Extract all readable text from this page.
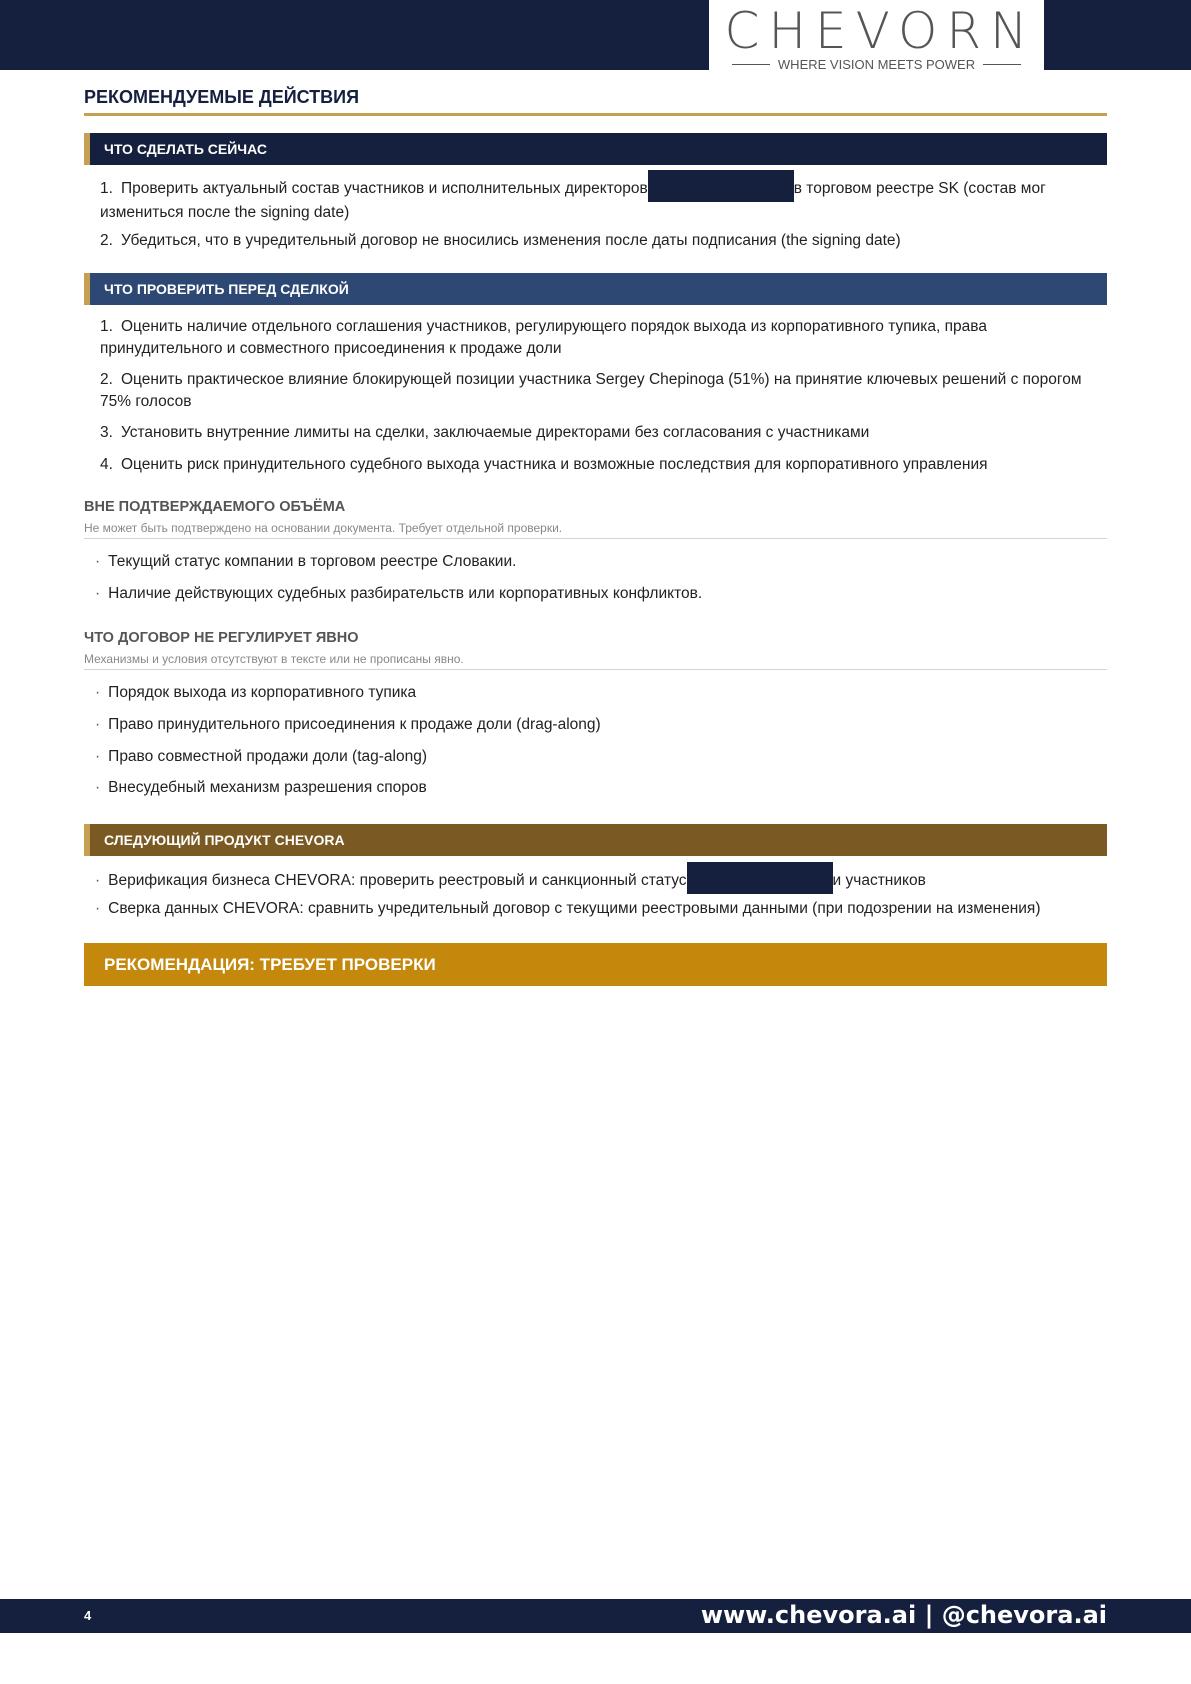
CHEVORN
WHERE VISION MEETS POWER
РЕКОМЕНДУЕМЫЕ ДЕЙСТВИЯ
ЧТО СДЕЛАТЬ СЕЙЧАС
1. Проверить актуальный состав участников и исполнительных директоров	в торговом реестре SK (состав мог измениться после the signing date)
2. Убедиться, что в учредительный договор не вносились изменения после даты подписания (the signing date)
ЧТО ПРОВЕРИТЬ ПЕРЕД СДЕЛКОЙ
1. Оценить наличие отдельного соглашения участников, регулирующего порядок выхода из корпоративного тупика, права принудительного и совместного присоединения к продаже доли
2. Оценить практическое влияние блокирующей позиции участника Sergey Chepinoga (51%) на принятие ключевых решений с порогом 75% голосов
3. Установить внутренние лимиты на сделки, заключаемые директорами без согласования с участниками
4. Оценить риск принудительного судебного выхода участника и возможные последствия для корпоративного управления
ВНЕ ПОДТВЕРЖДАЕМОГО ОБЪЁМА
Не может быть подтверждено на основании документа. Требует отдельной проверки.
· Текущий статус компании в торговом реестре Словакии.
· Наличие действующих судебных разбирательств или корпоративных конфликтов.
ЧТО ДОГОВОР НЕ РЕГУЛИРУЕТ ЯВНО
Механизмы и условия отсутствуют в тексте или не прописаны явно.
· Порядок выхода из корпоративного тупика
· Право принудительного присоединения к продаже доли (drag-along)
· Право совместной продажи доли (tag-along)
· Внесудебный механизм разрешения споров
СЛЕДУЮЩИЙ ПРОДУКТ CHEVORA
· Верификация бизнеса CHEVORA: проверить реестровый и санкционный статус	и участников
· Сверка данных CHEVORA: сравнить учредительный договор с текущими реестровыми данными (при подозрении на изменения)
РЕКОМЕНДАЦИЯ: ТРЕБУЕТ ПРОВЕРКИ
4	www.chevora.ai | @chevora.ai
